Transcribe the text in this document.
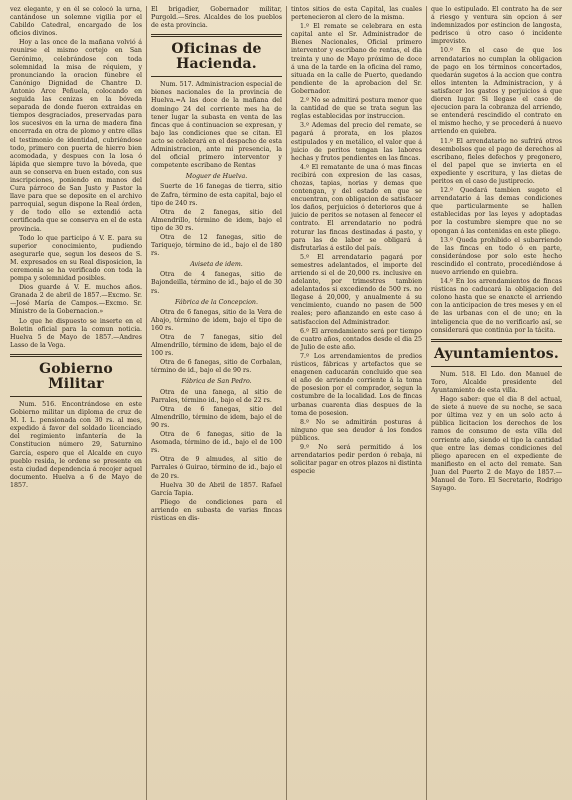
vez elegante, y en él se colocó la urna, cantándose un solemne vigilia por el Cabildo Catedral, encargado de los oficios divinos.

Hoy a las once de la mañana volvió á reunirse el mismo cortejo en San Gerónimo, celebrándose con toda solemnidad la misa de réquiem, y pronunciando la oracion fúnebre el Canónigo Dignidad de Chantre D. Antonio Arce Peñuela, colocando en seguida las cenizas en la bóveda separada de donde fueron extraidas en tiempos desgraciados, preservadas para los sucesivos en la urna de madera fina encerrada en otra de plomo y entre ellas el testimonio de identidad, cubriéndose todo, primero con puerta de hierro bien acomodada, y despues con la losa ó lápida que siempre tuvo la bóveda, que aun se conserva en buen estado, con sus inscripciones, poniendo en manos del Cura párroco de San Justo y Pastor la llave para que se deposite en el archivo parroquial, segun dispone la Real órden, y de todo ello se extendió acta certificada que se conserva en el de esta provincia.

Todo lo que participo á V. E. para su superior conocimiento, pudiendo asegurarle que, segun los deseos de S. M. expresados en su Real disposicion, la ceremonia se ha verificado con toda la pompa y solemnidad posibles.

Dios guarde á V. E. muchos años. Granada 2 de abril de 1857.—Excmo. Sr.—José María de Campos.—Excmo. Sr. Ministro de la Gobernacion.»

Lo que he dispuesto se inserte en el Boletin oficial para la comun noticia. Huelva 5 de Mayo de 1857.—Andres Lasso de la Vega.

Gobierno Militar

Num. 516. Encontrándose en este Gobierno militar un diploma de cruz de M. I. L. pensionada con 30 rs. al mes, expedido á favor del soldado licenciado del regimiento infantería de la Constitucion número 29, Saturnino García, espero que el Alcalde en cuyo pueblo resida, le ordene se presente en esta ciudad dependencia á recojer aquel documento. Huelva a 6 de Mayo de 1857.

El brigadier, Gobernador militar, Purgold.—Sres. Alcaldes de los pueblos de esta provincia.

Oficinas de Hacienda.

Num. 517. Administracion especial de bienes nacionales de la provincia de Huelva.=A las doce de la mañana del domingo 24 del corriente mes ha de tener lugar la subasta en venta de las fincas que á continuacion se expresan, y bajo las condiciones que se citan. El acto se celebrará en el despacho de esta Administracion, ante mi presencia, la del oficial primero interventor y competente escribano de Rentas

Moguer de Huelva.

Suerte de 16 fanegas de tierra, sitio de Zafra, término de esta capital, bajo el tipo de 240 rs.

Otra de 2 fanegas, sitio del Almendrillo, término de idem, bajo el tipo de 30 rs.

Otra de 12 fanegas, sitio de Tariquejo, término de id., bajo el de 180 rs.

Aviseta de idem.

Otra de 4 fanegas, sitio de Bajondeilla, término de id., bajo el de 30 rs.

Fábrica de la Concepcion.

Otra de 6 fanegas, sitio de la Vera de Abajo, término de idem, bajo el tipo de 160 rs.

Otra de 7 fanegas, sitio del Almendrillo, término de idem, bajo el de 100 rs.

Otra de 6 fanegas, sitio de Corbalan, término de id., bajo el de 90 rs.

Fábrica de San Pedro.

Otra de una fanega, al sitio de Parrales, término id., bajo el de 22 rs.

Otra de 6 fanegas, sitio del Almendrillo, término de idem, bajo el de 90 rs.

Otra de 6 fanegas, sitio de la Asomada, término de id., bajo el de 100 rs.

Otra de 9 almudes, al sitio de Parrales ó Guirao, término de id., bajo el de 20 rs.

Huelva 30 de Abril de 1857. Rafael García Tapia.

Pliego de condiciones para el arriendo en subasta de varias fincas rústicas en dis-

tintos sitios de esta Capital, las cuales pertenecieron al clero de la misma.

1.º El remate se celebrara en esta capital ante el Sr. Administrador de Bienes Nacionales, Oficial primero interventor y escribano de rentas, el dia treinta y uno de Mayo próximo de doce á una de la tarde en la oficina del ramo, situada en la calle de Puerto, quedando pendiente de la aprobacion del Sr. Gobernador.

2.º No se admitirá postura menor que la cantidad de que se trata segun las reglas establecidas por instruccion.

3.º Ademas del precio del remate, se pagará á prorata, en los plazos estipulados y en metálico, el valor que á juicio de peritos tengan las labores hechas y frutos pendientes en las fincas.

4.º El rematante de una ó mas fincas recibirá con expresion de las casas, chozas, tapias, norias y demas que contengan, y del estado en que se encuentran, con obligacion de satisfacer los daños, perjuicios ó deterioros que á juicio de peritos se notasen al fenecer el contrato. El arrendatario no podrá roturar las fincas destinadas á pasto, y para las de labor se obligará á disfrutarlas á estilo del país.

5.º El arrendatario pagará por semestres adelantados, el importe del arriendo si el de 20,000 rs. inclusive en adelante, por trimestres tambien adelantados si excediendo de 500 rs. no llegase á 20,000, y anualmente á su vencimiento, cuando no pasen de 500 reales; pero afianzando en este caso á satisfaccion del Administrador.

6.º El arrendamiento será por tiempo de cuatro años, contados desde el dia 25 de Julio de este año.

7.º Los arrendamientos de predios rústicos, fábricas y artefactos que se enagenen caducarán concluido que sea el año de arriendo corriente á la toma de posesion por el comprador, segun la costumbre de la localidad. Los de fincas urbanas cuarenta dias despues de la toma de posesion.

8.º No se admitirán posturas á ninguno que sea deudor á los fondos públicos.

9.º No será permitido á los arrendatarios pedir perdon ó rebaja, ni solicitar pagar en otros plazos ni distinta especie

que lo estipulado. El contrato ha de ser á riesgo y ventura sin opcion á ser indemnizados por estincion de langosta, pedrisco ú otro caso ó incidente imprevisto.

10.º En el caso de que los arrendatarios no cumplan la obligacion de pago en los términos concertados, quedarán sugetos á la accion que contra ellos intenten la Administracion, y á satisfacer los gastos y perjuicios á que dieren lugar. Si llegase el caso de ejecucion para la cobranza del arriendo, se entenderá rescindido el contrato en el mismo hecho, y se procederá á nuevo arriendo en quiebra.

11.º El arrendatario no sufrirá otros desembolsos que el pago de derechos al escribano, fieles defechos y pregonero, el del papel que se invierta en el expediente y escritura, y las dietas de peritos en el caso de justiprecio.

12.º Quedará tambien sugeto el arrendatario á las demas condiciones que particularmente se hallen establecidas por las leyes y adoptadas por la costumbre siempre que no se opongan á las contenidas en este pliego.

13.º Queda prohibido el subarriendo de las fincas en todo ó en parte, considerándose por solo este hecho rescindido el contrato, procediéndose á nuevo arriendo en quiebra.

14.º En los arrendamientos de fincas rústicas no caducará la obligacion del colono hasta que se enaxcte el arriendo con la anticipacion de tres meses y en el de las urbanas con el de uno; en la inteligencia que de no verificarlo así, se considerará que continúa por la tácita.

Ayuntamientos.

Num. 518. El Ldo. don Manuel de Toro, Alcalde presidente del Ayuntamiento de esta villa.

Hago saber: que el dia 8 del actual, de siete á nueve de su noche, se saca por última vez y en un solo acto á pública licitacion los derechos de los ramos de consumo de esta villa del corriente año, siendo el tipo la cantidad que entre las demas condiciones del pliego aparecen en el expediente de manifiesto en el acto del remate. San Juan del Puerto 2 de Mayo de 1857.—Manuel de Toro. El Secretario, Rodrigo Sayago.
